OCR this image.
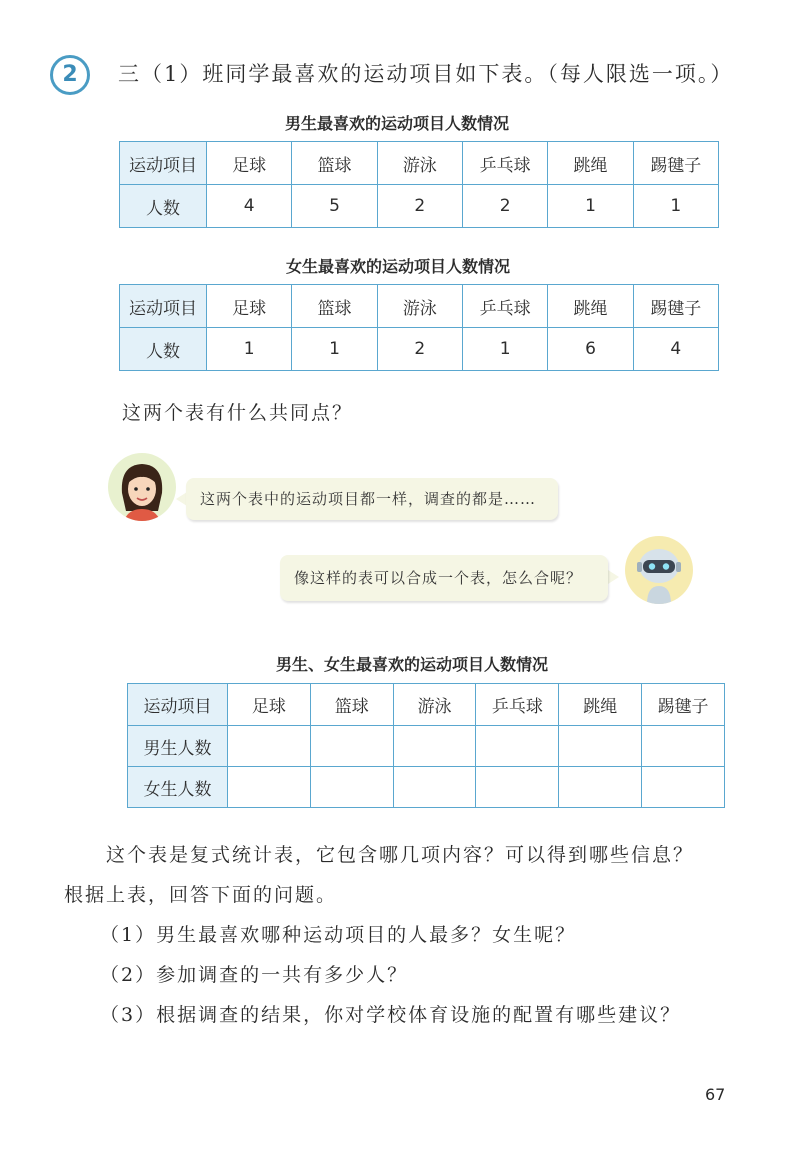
2	三（1）班同学最喜欢的运动项目如下表。（每人限选一项。）
男生最喜欢的运动项目人数情况
运动项目	足球	篮球	游泳	乒乓球	跳绳	踢毽子
人数	4	5	2	2	1	1
女生最喜欢的运动项目人数情况
运动项目	足球	篮球	游泳	乒乓球	跳绳	踢毽子
人数	1	1	2	1	6	4
这两个表有什么共同点？
这两个表中的运动项目都一样，调查的都是……
像这样的表可以合成一个表，怎么合呢？
男生、女生最喜欢的运动项目人数情况
运动项目	足球	篮球	游泳	乒乓球	跳绳	踢毽子
男生人数						
女生人数						
这个表是复式统计表，它包含哪几项内容？可以得到哪些信息？
根据上表，回答下面的问题。
（1）男生最喜欢哪种运动项目的人最多？女生呢？
（2）参加调查的一共有多少人？
（3）根据调查的结果，你对学校体育设施的配置有哪些建议？
67
